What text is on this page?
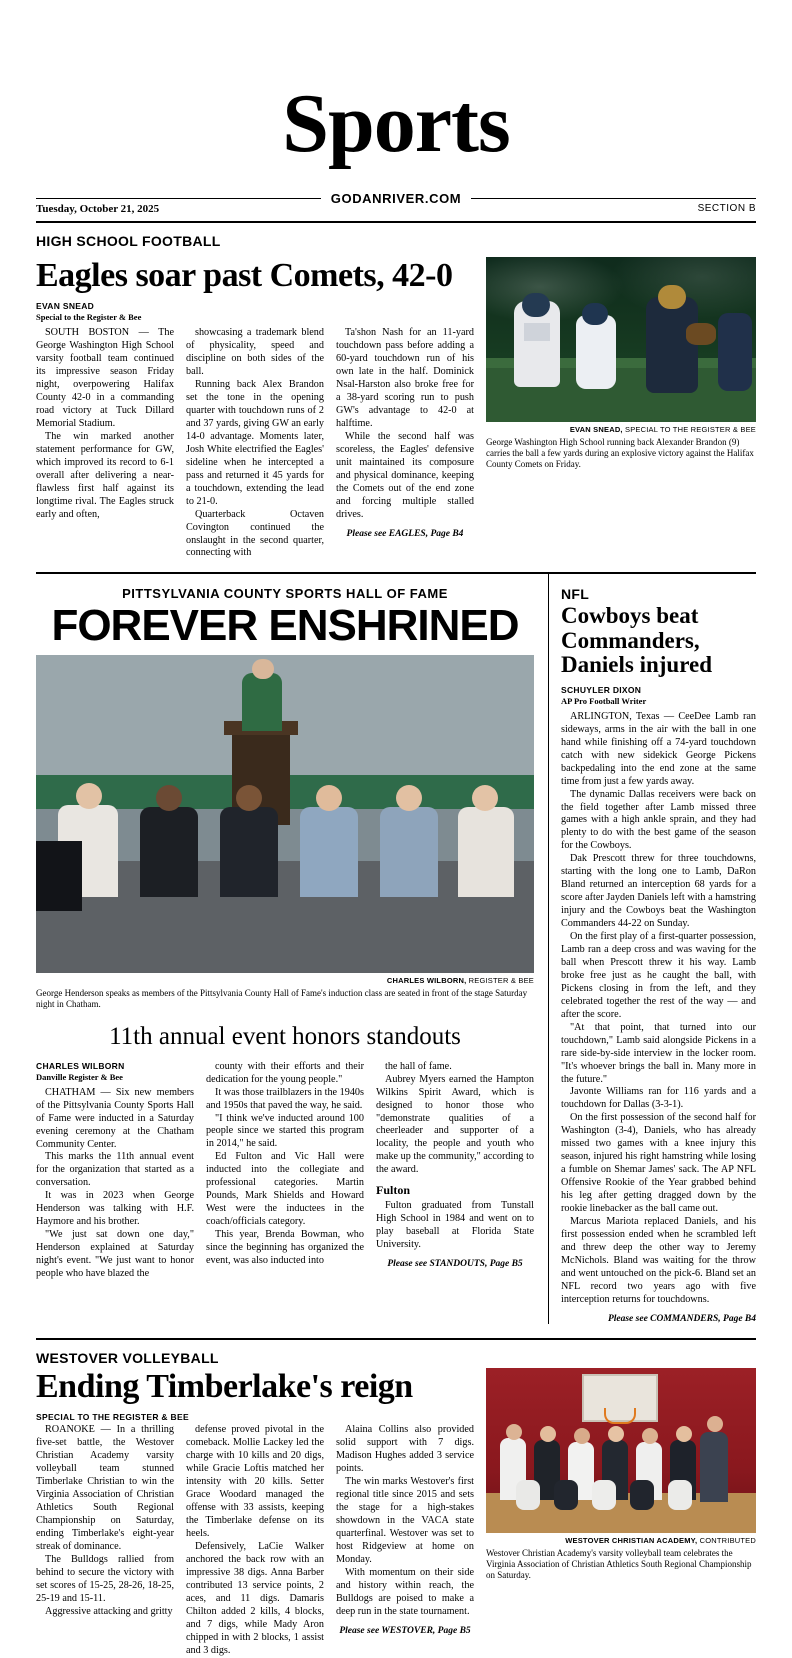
Sports
GODANRIVER.COM
Tuesday, October 21, 2025	SECTION B
HIGH SCHOOL FOOTBALL
Eagles soar past Comets, 42-0
EVAN SNEAD
Special to the Register & Bee

SOUTH BOSTON — The George Washington High School varsity football team continued its impressive season Friday night, overpowering Halifax County 42-0 in a commanding road victory at Tuck Dillard Memorial Stadium.

The win marked another statement performance for GW, which improved its record to 6-1 overall after delivering a near-flawless first half against its longtime rival. The Eagles struck early and often,

showcasing a trademark blend of physicality, speed and discipline on both sides of the ball.

Running back Alex Brandon set the tone in the opening quarter with touchdown runs of 2 and 37 yards, giving GW an early 14-0 advantage. Moments later, Josh White electrified the Eagles' sideline when he intercepted a pass and returned it 45 yards for a touchdown, extending the lead to 21-0.

Quarterback Octaven Covington continued the onslaught in the second quarter, connecting with

Ta'shon Nash for an 11-yard touchdown pass before adding a 60-yard touchdown run of his own late in the half. Dominick Nsal-Harston also broke free for a 38-yard scoring run to push GW's advantage to 42-0 at halftime.

While the second half was scoreless, the Eagles' defensive unit maintained its composure and physical dominance, keeping the Comets out of the end zone and forcing multiple stalled drives.

Please see EAGLES, Page B4
EVAN SNEAD, SPECIAL TO THE REGISTER & BEE
George Washington High School running back Alexander Brandon (9) carries the ball a few yards during an explosive victory against the Halifax County Comets on Friday.
PITTSYLVANIA COUNTY SPORTS HALL OF FAME
FOREVER ENSHRINED
CHARLES WILBORN, REGISTER & BEE
George Henderson speaks as members of the Pittsylvania County Hall of Fame's induction class are seated in front of the stage Saturday night in Chatham.
11th annual event honors standouts
CHARLES WILBORN
Danville Register & Bee

CHATHAM — Six new members of the Pittsylvania County Sports Hall of Fame were inducted in a Saturday evening ceremony at the Chatham Community Center.

This marks the 11th annual event for the organization that started as a conversation.

It was in 2023 when George Henderson was talking with H.F. Haymore and his brother.

"We just sat down one day," Henderson explained at Saturday night's event. "We just want to honor people who have blazed the

county with their efforts and their dedication for the young people."

It was those trailblazers in the 1940s and 1950s that paved the way, he said.

"I think we've inducted around 100 people since we started this program in 2014," he said.

Ed Fulton and Vic Hall were inducted into the collegiate and professional categories. Martin Pounds, Mark Shields and Howard West were the inductees in the coach/officials category.

This year, Brenda Bowman, who since the beginning has organized the event, was also inducted into

the hall of fame.

Aubrey Myers earned the Hampton Wilkins Spirit Award, which is designed to honor those who "demonstrate qualities of a cheerleader and supporter of a locality, the people and youth who make up the community," according to the award.

Fulton

Fulton graduated from Tunstall High School in 1984 and went on to play baseball at Florida State University.

Please see STANDOUTS, Page B5
NFL
Cowboys beat Commanders, Daniels injured
SCHUYLER DIXON
AP Pro Football Writer

ARLINGTON, Texas — CeeDee Lamb ran sideways, arms in the air with the ball in one hand while finishing off a 74-yard touchdown catch with new sidekick George Pickens backpedaling into the end zone at the same time from just a few yards away.

The dynamic Dallas receivers were back on the field together after Lamb missed three games with a high ankle sprain, and they had plenty to do with the best game of the season for the Cowboys.

Dak Prescott threw for three touchdowns, starting with the long one to Lamb, DaRon Bland returned an interception 68 yards for a score after Jayden Daniels left with a hamstring injury and the Cowboys beat the Washington Commanders 44-22 on Sunday.

On the first play of a first-quarter possession, Lamb ran a deep cross and was waving for the ball when Prescott threw it his way. Lamb broke free just as he caught the ball, with Pickens closing in from the left, and they celebrated together the rest of the way — and after the score.

"At that point, that turned into our touchdown," Lamb said alongside Pickens in a rare side-by-side interview in the locker room. "It's whoever brings the ball in. Many more in the future."

Javonte Williams ran for 116 yards and a touchdown for Dallas (3-3-1).

On the first possession of the second half for Washington (3-4), Daniels, who has already missed two games with a knee injury this season, injured his right hamstring while losing a fumble on Shemar James' sack. The AP NFL Offensive Rookie of the Year grabbed behind his leg after getting dragged down by the rookie linebacker as the ball came out.

Marcus Mariota replaced Daniels, and his first possession ended when he scrambled left and threw deep the other way to Jeremy McNichols. Bland was waiting for the throw and went untouched on the pick-6. Bland set an NFL record two years ago with five interception returns for touchdowns.

Please see COMMANDERS, Page B4
WESTOVER VOLLEYBALL
Ending Timberlake's reign
SPECIAL TO THE REGISTER & BEE

ROANOKE — In a thrilling five-set battle, the Westover Christian Academy varsity volleyball team stunned Timberlake Christian to win the Virginia Association of Christian Athletics South Regional Championship on Saturday, ending Timberlake's eight-year streak of dominance.

The Bulldogs rallied from behind to secure the victory with set scores of 15-25, 28-26, 18-25, 25-19 and 15-11.

Aggressive attacking and gritty

defense proved pivotal in the comeback. Mollie Lackey led the charge with 10 kills and 20 digs, while Gracie Loftis matched her intensity with 20 kills. Setter Grace Woodard managed the offense with 33 assists, keeping the Timberlake defense on its heels.

Defensively, LaCie Walker anchored the back row with an impressive 38 digs. Anna Barber contributed 13 service points, 2 aces, and 11 digs. Damaris Chilton added 2 kills, 4 blocks, and 7 digs, while Mady Aron chipped in with 2 blocks, 1 assist and 3 digs.

Alaina Collins also provided solid support with 7 digs. Madison Hughes added 3 service points.

The win marks Westover's first regional title since 2015 and sets the stage for a high-stakes showdown in the VACA state quarterfinal. Westover was set to host Ridgeview at home on Monday.

With momentum on their side and history within reach, the Bulldogs are poised to make a deep run in the state tournament.

Please see WESTOVER, Page B5
WESTOVER CHRISTIAN ACADEMY, CONTRIBUTED
Westover Christian Academy's varsity volleyball team celebrates the Virginia Association of Christian Athletics South Regional Championship on Saturday.
